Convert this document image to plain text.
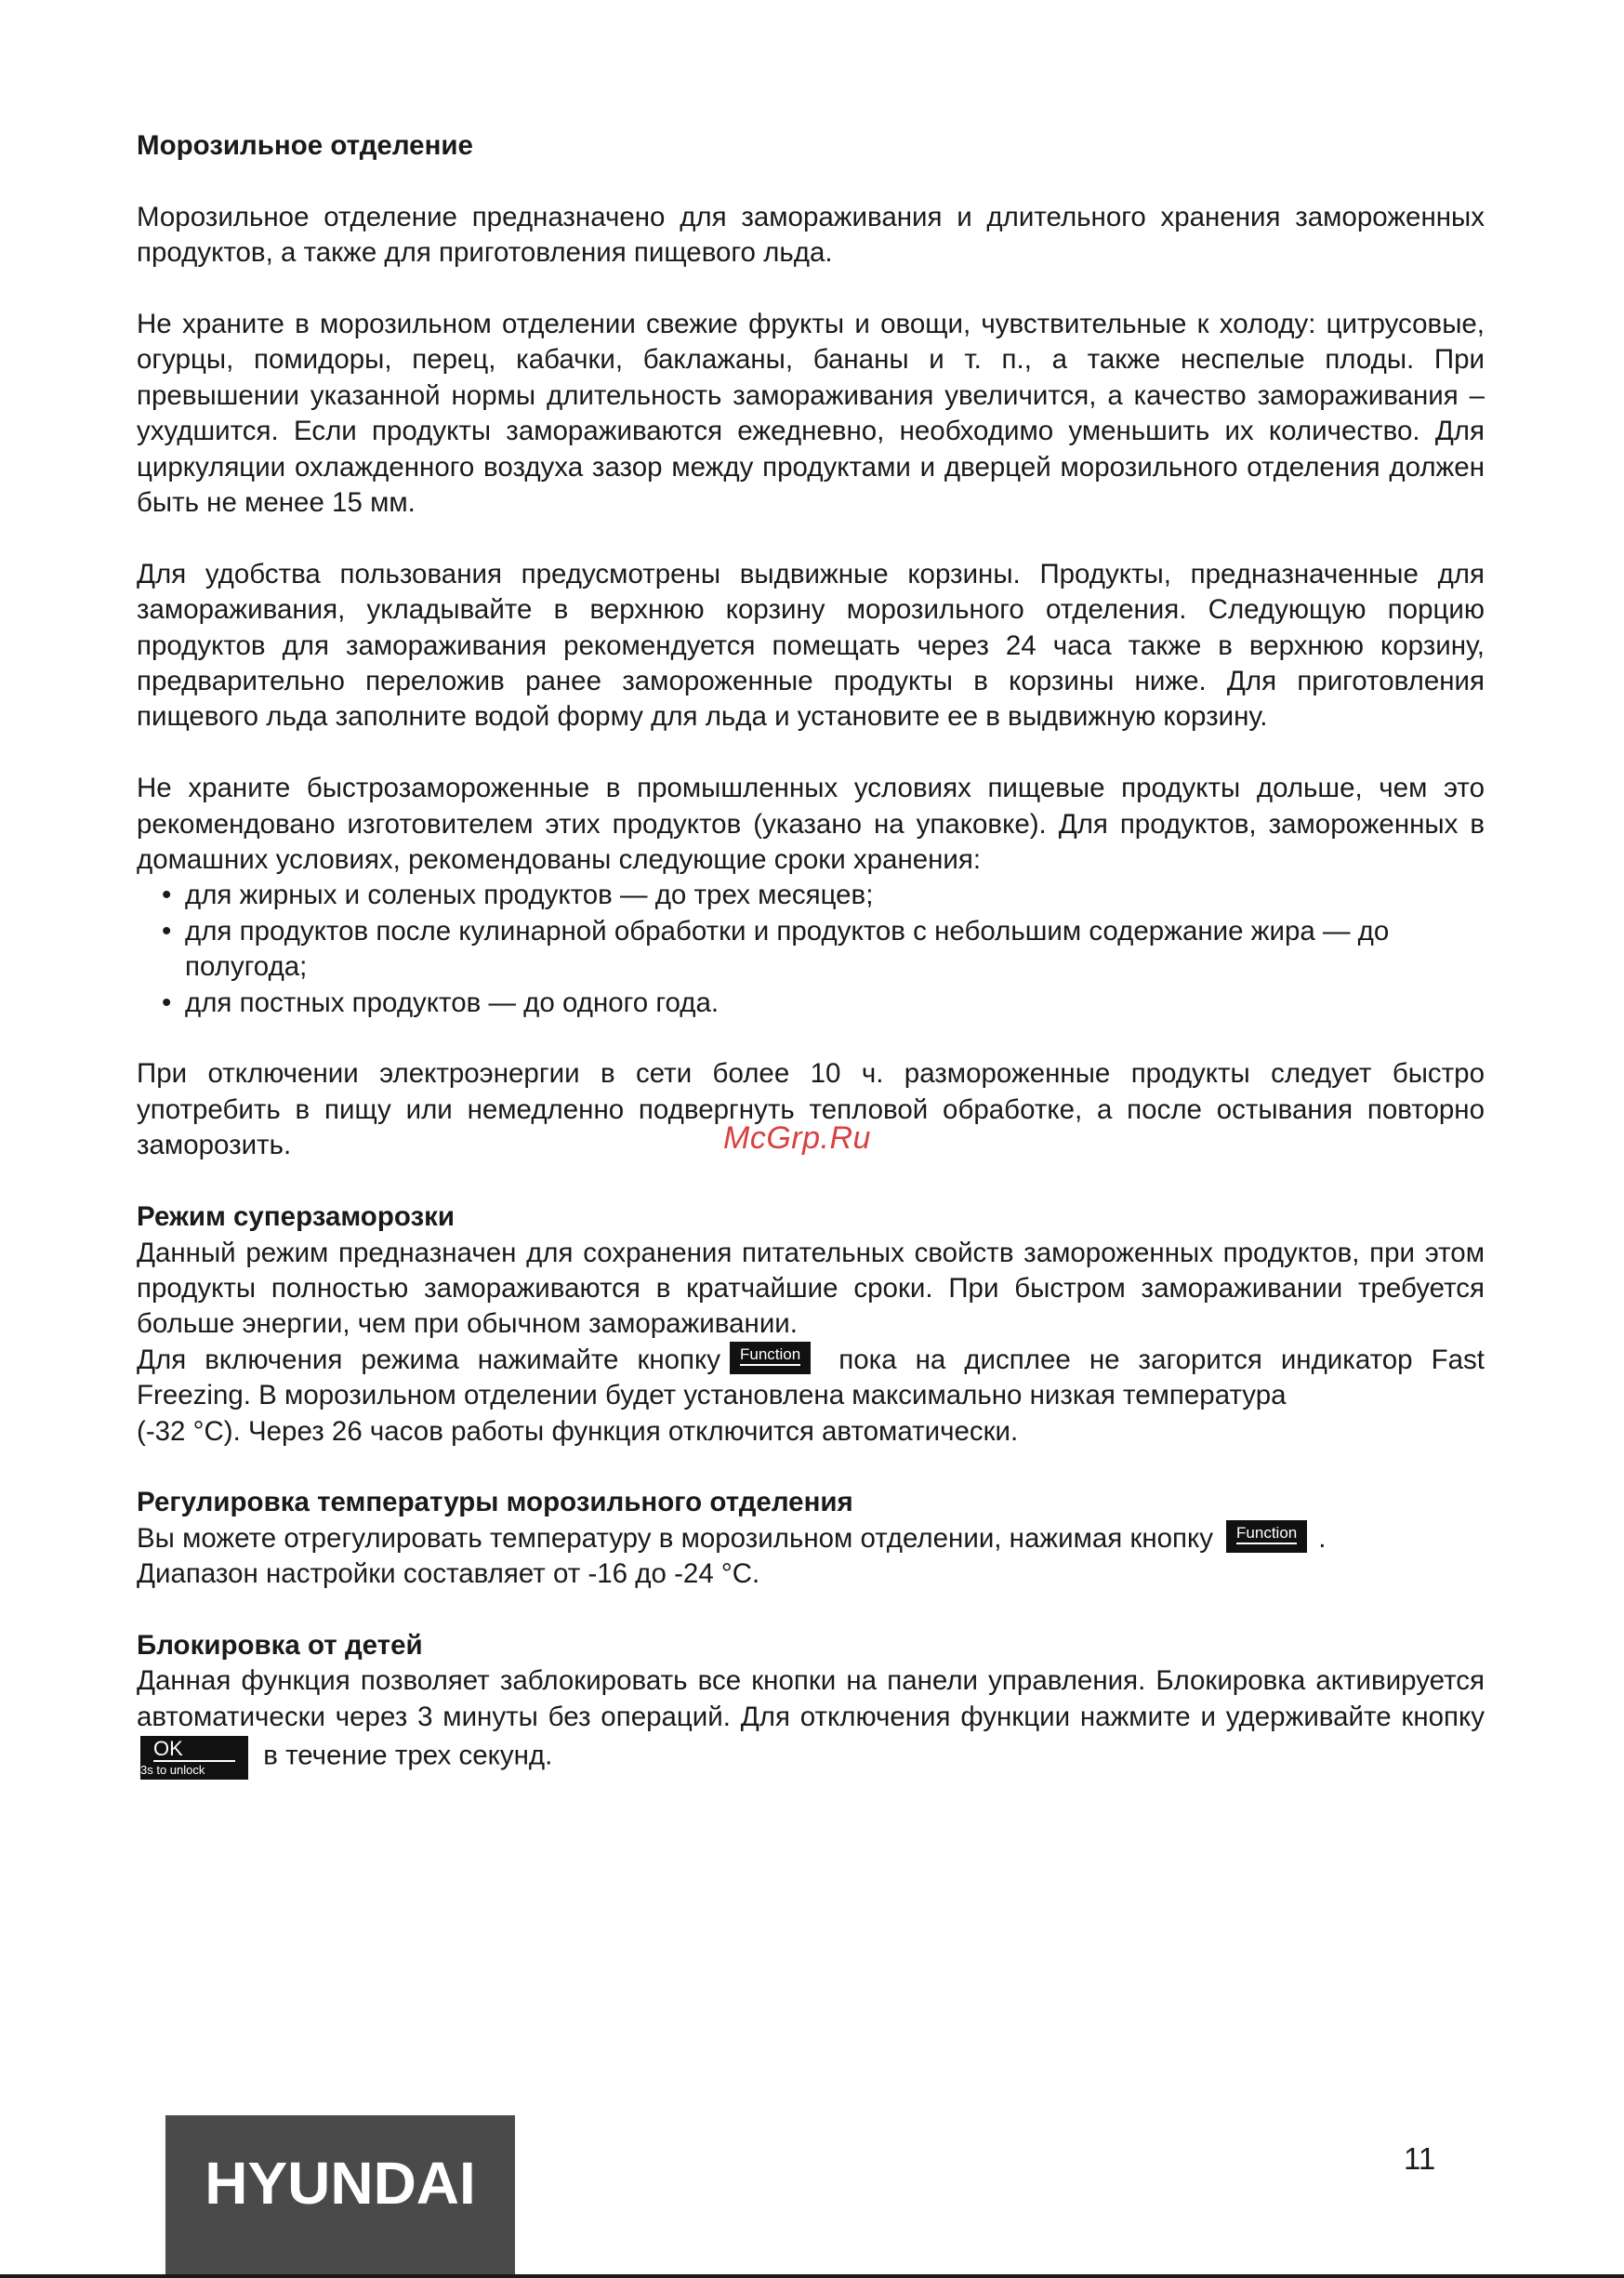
Морозильное отделение

Морозильное отделение предназначено для замораживания и длительного хранения замороженных продуктов, а также для приготовления пищевого льда.

Не храните в морозильном отделении свежие фрукты и овощи, чувствительные к холоду: цитрусовые, огурцы, помидоры, перец, кабачки, баклажаны, бананы и т. п., а также неспелые плоды. При превышении указанной нормы длительность замораживания увеличится, а качество замораживания – ухудшится. Если продукты замораживаются ежедневно, необходимо уменьшить их количество. Для циркуляции охлажденного воздуха зазор между продуктами и дверцей морозильного отделения должен быть не менее 15 мм.

Для удобства пользования предусмотрены выдвижные корзины. Продукты, предназначенные для замораживания, укладывайте в верхнюю корзину морозильного отделения. Следующую порцию продуктов для замораживания рекомендуется помещать через 24 часа также в верхнюю корзину, предварительно переложив ранее замороженные продукты в корзины ниже. Для приготовления пищевого льда заполните водой форму для льда и установите ее в выдвижную корзину.

Не храните быстрозамороженные в промышленных условиях пищевые продукты дольше, чем это рекомендовано изготовителем этих продуктов (указано на упаковке). Для продуктов, замороженных в домашних условиях, рекомендованы следующие сроки хранения:

• для жирных и соленых продуктов — до трех месяцев;
• для продуктов после кулинарной обработки и продуктов с небольшим содержание жира — до полугода;
• для постных продуктов — до одного года.

При отключении электроэнергии в сети более 10 ч. размороженные продукты следует быстро употребить в пищу или немедленно подвергнуть тепловой обработке, а после остывания повторно заморозить.

Режим суперзаморозки

Данный режим предназначен для сохранения питательных свойств замороженных продуктов, при этом продукты полностью замораживаются в кратчайшие сроки. При быстром замораживании требуется больше энергии, чем при обычном замораживании.

Для включения режима нажимайте кнопку Function пока на дисплее не загорится индикатор Fast Freezing. В морозильном отделении будет установлена максимально низкая температура
(-32 °C). Через 26 часов работы функция отключится автоматически.

Регулировка температуры морозильного отделения

Вы можете отрегулировать температуру в морозильном отделении, нажимая кнопку Function .
Диапазон настройки составляет от -16 до -24 °C.

Блокировка от детей

Данная функция позволяет заблокировать все кнопки на панели управления. Блокировка активируется автоматически через 3 минуты без операций. Для отключения функции нажмите и удерживайте кнопку
OK
3s to unlock	в течение трех секунд.

McGrp.Ru
HYUNDAI	11
